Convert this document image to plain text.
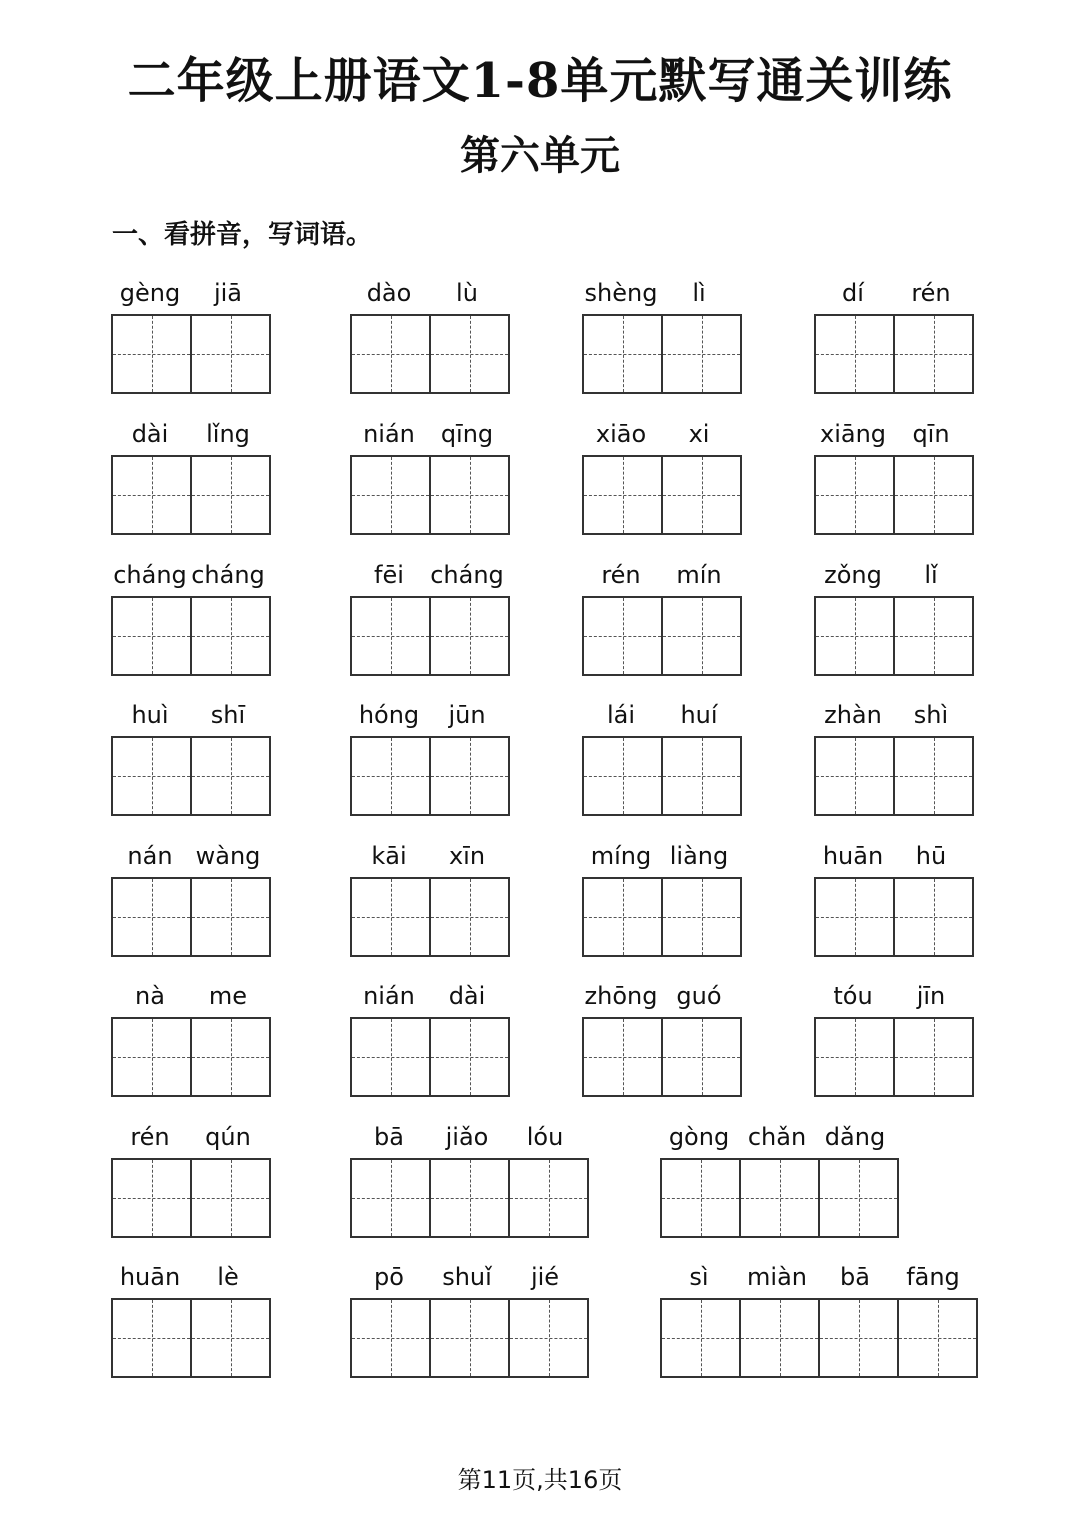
二年级上册语文1-8单元默写通关训练
第六单元
一、看拼音，写词语。
gèng	jiā	dào	lù	shèng	lì	dí	rén
dài	lǐng	nián	qīng	xiāo	xi	xiāng	qīn
cháng cháng	fēi	cháng	rén	mín	zǒng	lǐ
huì	shī	hóng	jūn	lái	huí	zhàn	shì
nán wàng	kāi	xīn	míng liàng	huān	hū
nà	me	nián	dài	zhōng guó	tóu	jīn
rén	qún	bā	jiǎo	lóu	gòng chǎn dǎng
huān	lè	pō	shuǐ	jié	sì	miàn	bā	fāng
第11页,共16页
